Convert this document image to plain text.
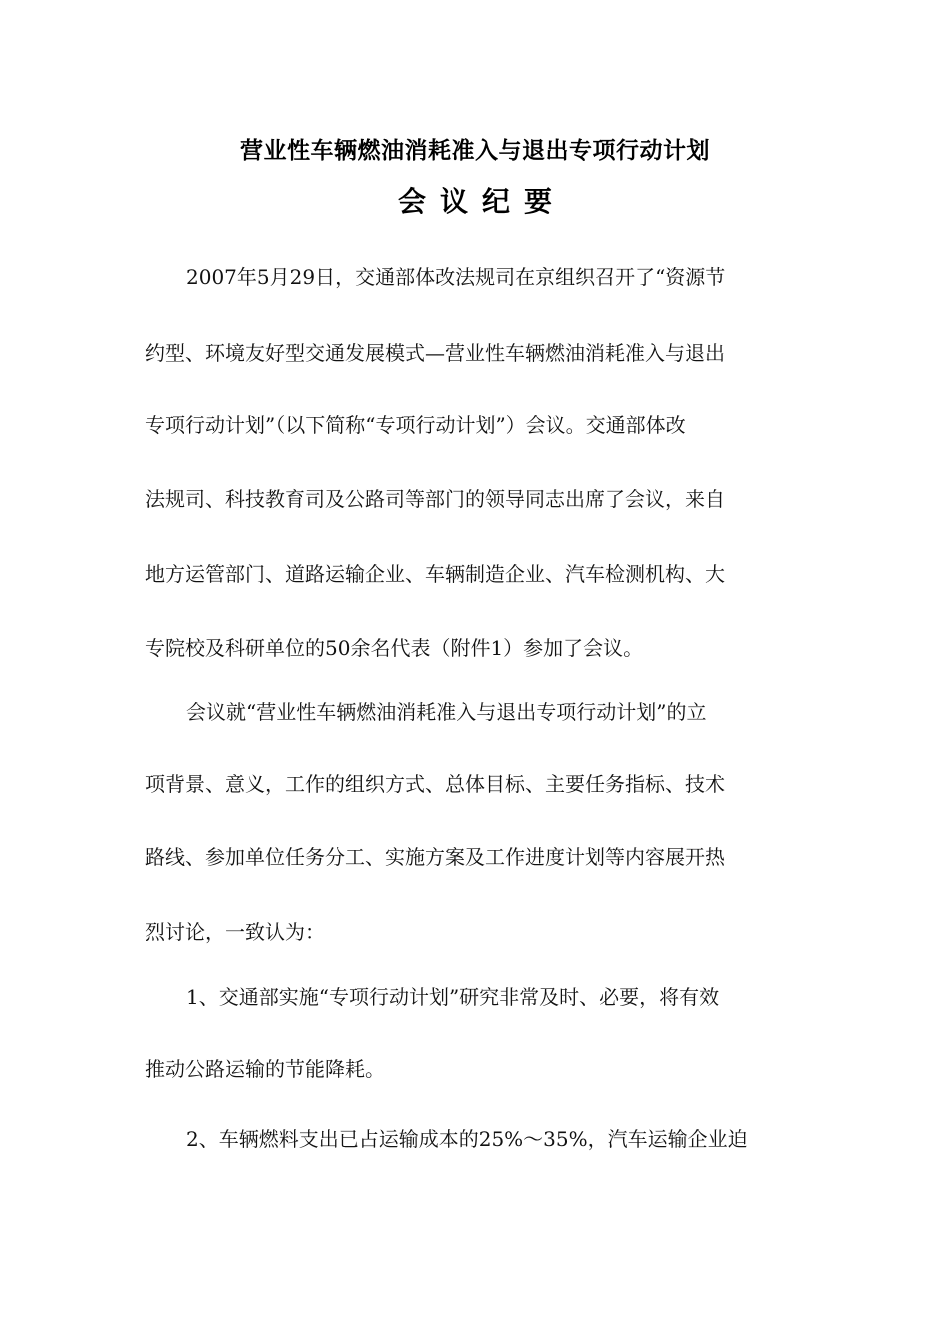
营业性车辆燃油消耗准入与退出专项行动计划
会议纪要
2007年5月29日，交通部体改法规司在京组织召开了“资源节
约型、环境友好型交通发展模式—营业性车辆燃油消耗准入与退出
专项行动计划”（以下简称“专项行动计划”）会议。交通部体改
法规司、科技教育司及公路司等部门的领导同志出席了会议，来自
地方运管部门、道路运输企业、车辆制造企业、汽车检测机构、大
专院校及科研单位的50余名代表（附件1）参加了会议。
会议就“营业性车辆燃油消耗准入与退出专项行动计划”的立
项背景、意义，工作的组织方式、总体目标、主要任务指标、技术
路线、参加单位任务分工、实施方案及工作进度计划等内容展开热
烈讨论，一致认为：
1、交通部实施“专项行动计划”研究非常及时、必要，将有效
推动公路运输的节能降耗。
2、车辆燃料支出已占运输成本的25%～35%，汽车运输企业迫
